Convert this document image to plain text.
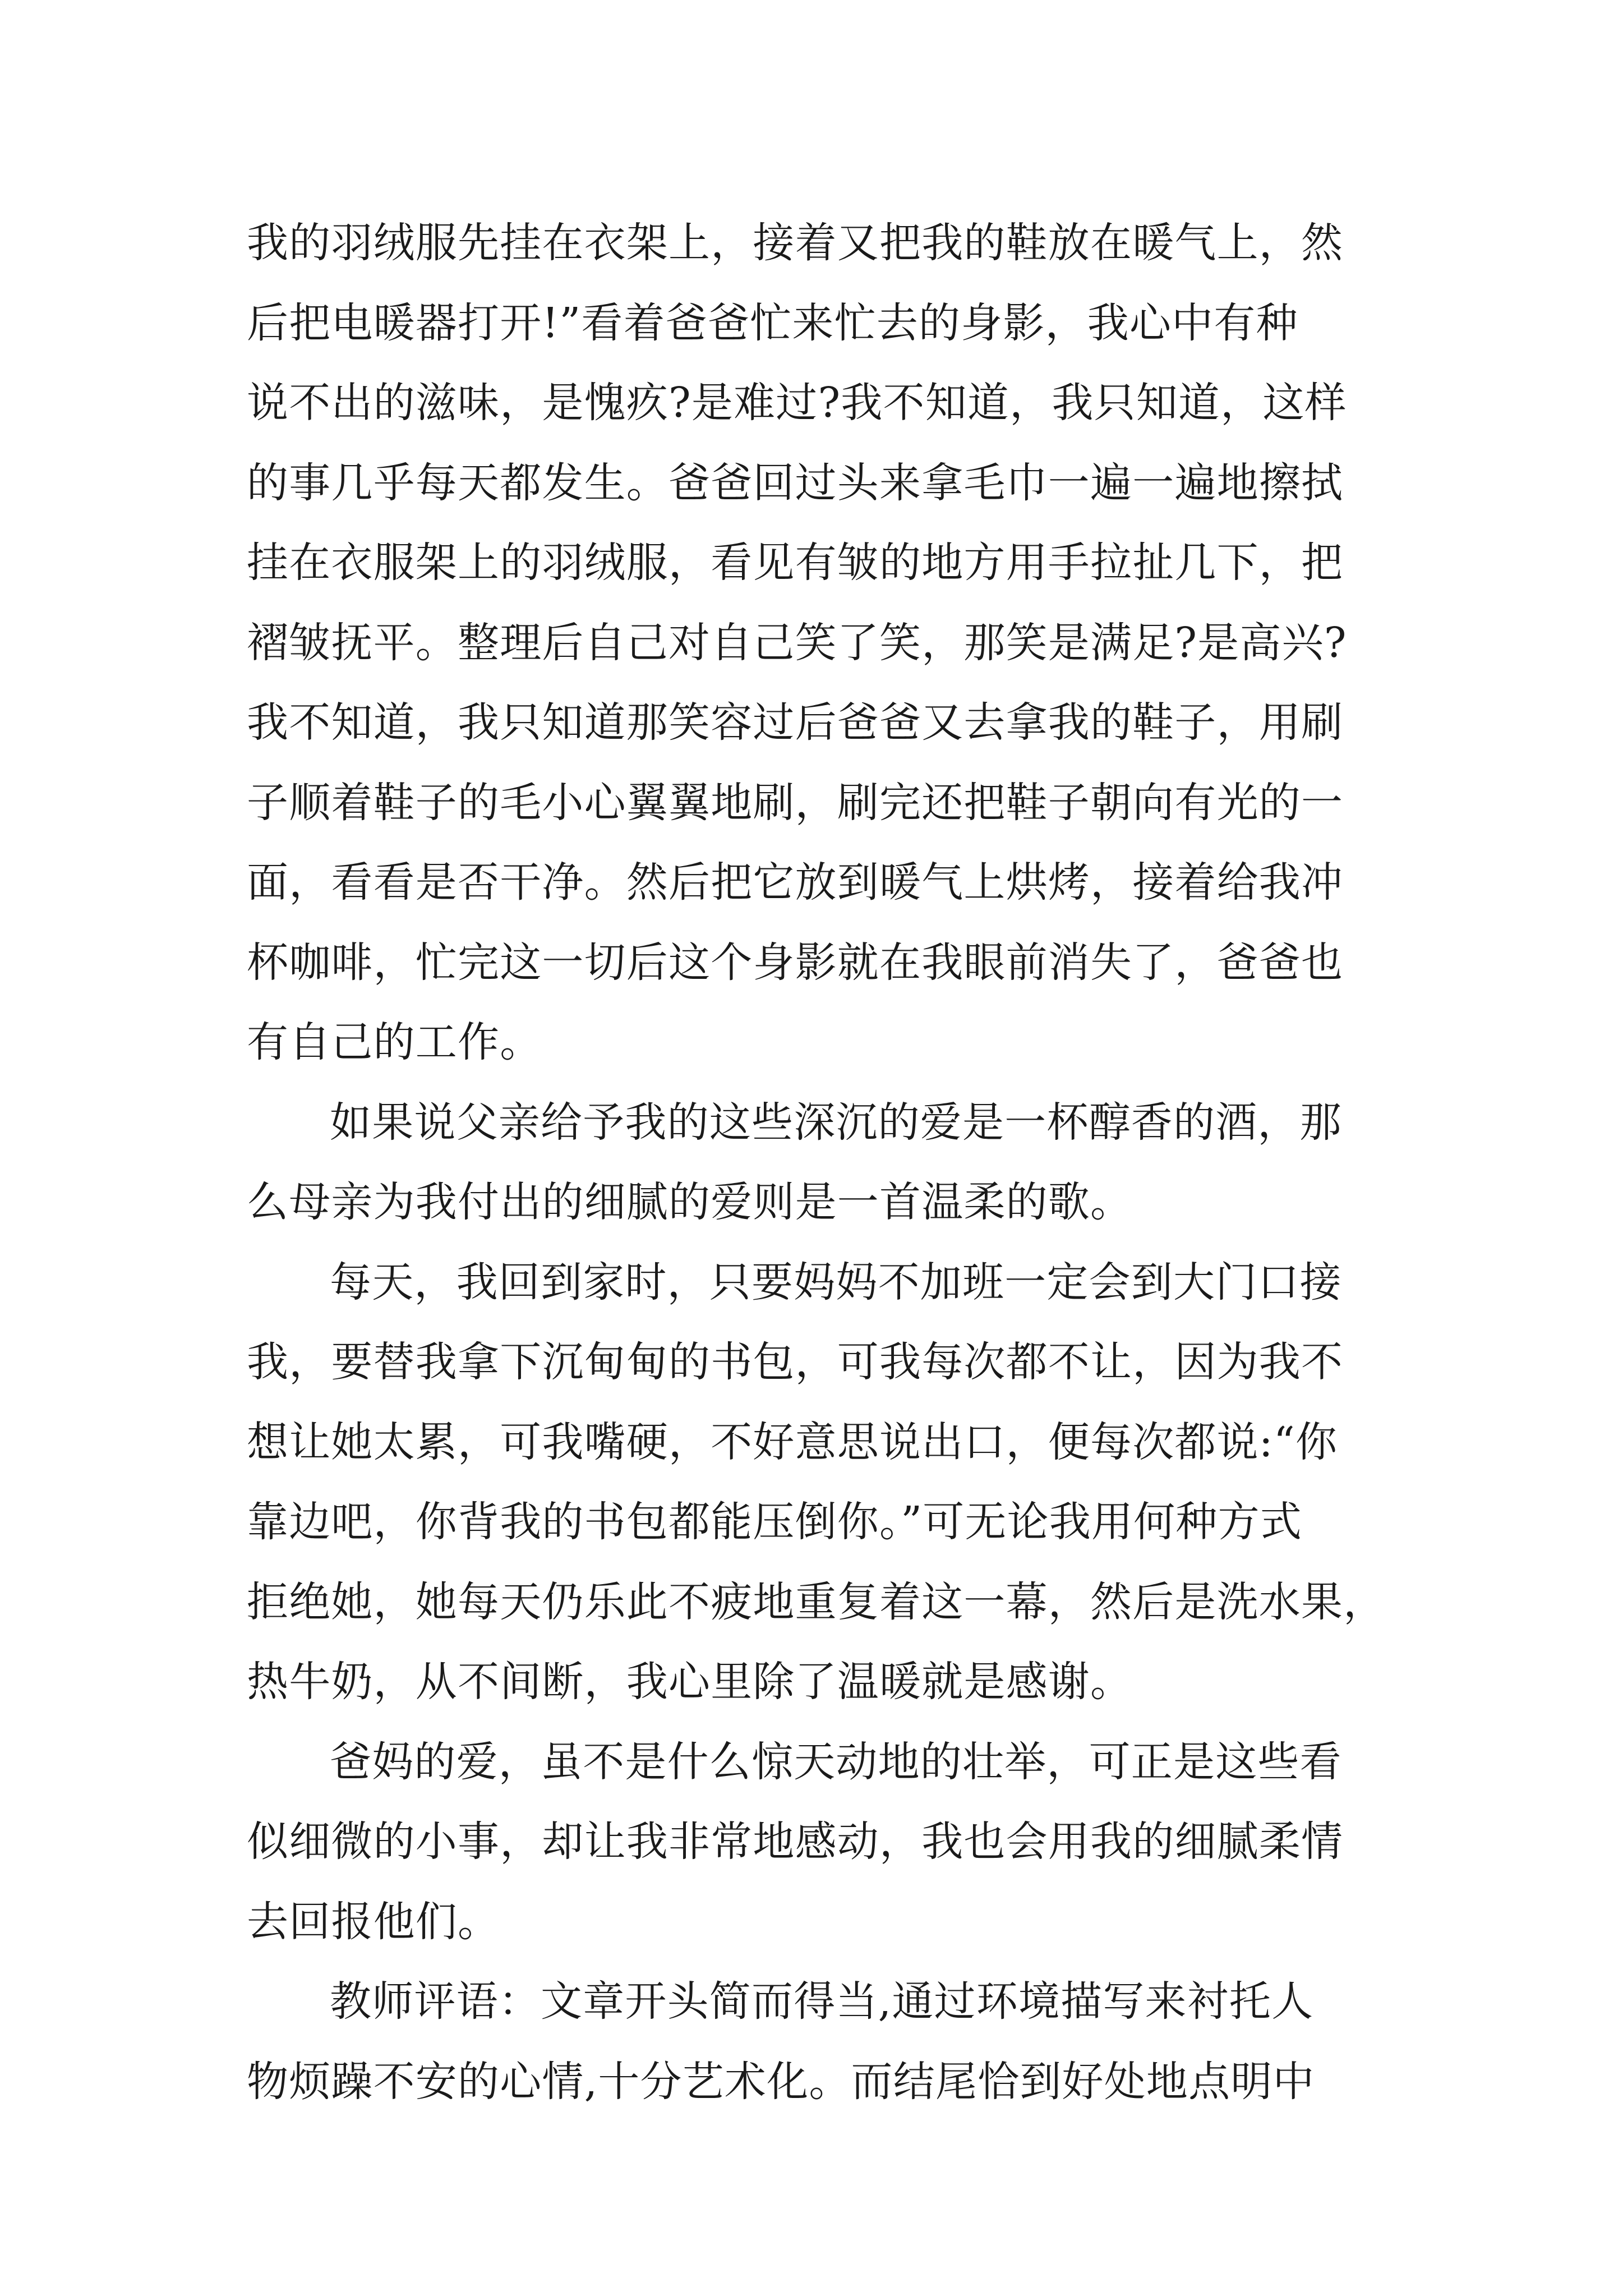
我的羽绒服先挂在衣架上，接着又把我的鞋放在暖气上，然
后把电暖器打开!”看着爸爸忙来忙去的身影，我心中有种
说不出的滋味，是愧疚?是难过?我不知道，我只知道，这样
的事几乎每天都发生。爸爸回过头来拿毛巾一遍一遍地擦拭
挂在衣服架上的羽绒服，看见有皱的地方用手拉扯几下，把
褶皱抚平。整理后自己对自己笑了笑，那笑是满足?是高兴?
我不知道，我只知道那笑容过后爸爸又去拿我的鞋子，用刷
子顺着鞋子的毛小心翼翼地刷，刷完还把鞋子朝向有光的一
面，看看是否干净。然后把它放到暖气上烘烤，接着给我冲
杯咖啡，忙完这一切后这个身影就在我眼前消失了，爸爸也
有自己的工作。
如果说父亲给予我的这些深沉的爱是一杯醇香的酒，那
么母亲为我付出的细腻的爱则是一首温柔的歌。
每天，我回到家时，只要妈妈不加班一定会到大门口接
我，要替我拿下沉甸甸的书包，可我每次都不让，因为我不
想让她太累，可我嘴硬，不好意思说出口，便每次都说:“你
靠边吧，你背我的书包都能压倒你。”可无论我用何种方式
拒绝她，她每天仍乐此不疲地重复着这一幕，然后是洗水果，
热牛奶，从不间断，我心里除了温暖就是感谢。
爸妈的爱，虽不是什么惊天动地的壮举，可正是这些看
似细微的小事，却让我非常地感动，我也会用我的细腻柔情
去回报他们。
教师评语：文章开头简而得当,通过环境描写来衬托人
物烦躁不安的心情,十分艺术化。而结尾恰到好处地点明中
